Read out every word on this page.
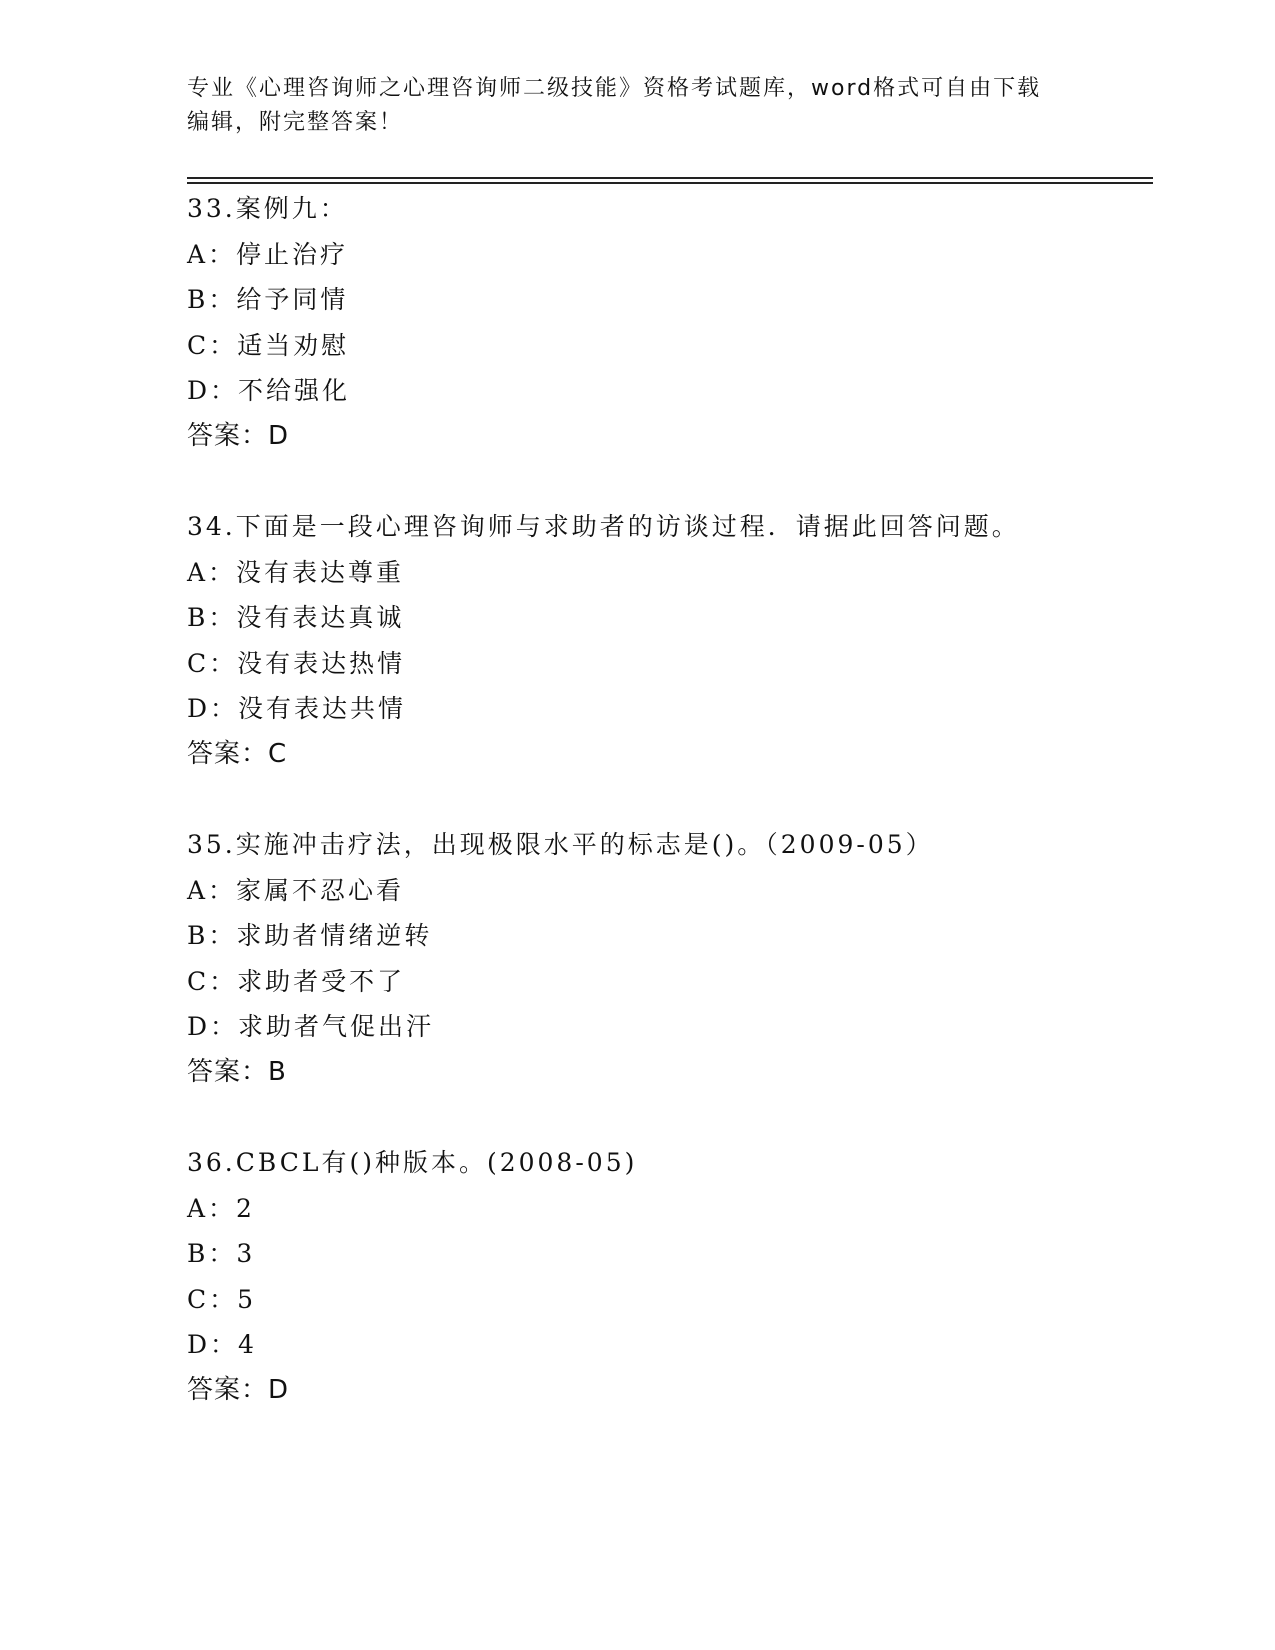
专业《心理咨询师之心理咨询师二级技能》资格考试题库，word格式可自由下载
编辑，附完整答案！
33.案例九：
A：停止治疗
B：给予同情
C：适当劝慰
D：不给强化
答案：D
34.下面是一段心理咨询师与求助者的访谈过程．请据此回答问题。
A：没有表达尊重
B：没有表达真诚
C：没有表达热情
D：没有表达共情
答案：C
35.实施冲击疗法，出现极限水平的标志是()。（2009-05）
A：家属不忍心看
B：求助者情绪逆转
C：求助者受不了
D：求助者气促出汗
答案：B
36.CBCL有()种版本。(2008-05)
A：2
B：3
C：5
D：4
答案：D
